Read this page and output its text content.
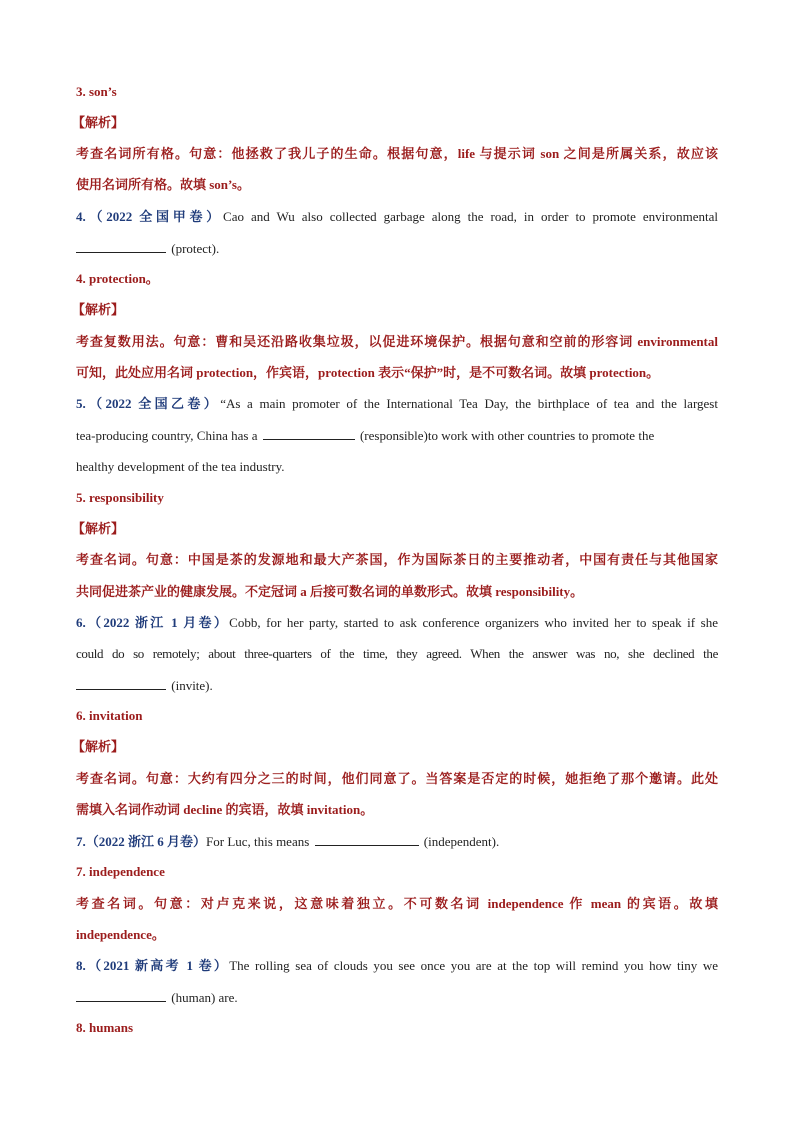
3. son’s
【解析】
考查名词所有格。句意：他拯救了我儿子的生命。根据句意，life 与提示词 son 之间是所属关系，故应该
使用名词所有格。故填 son’s。
4.（2022 全国甲卷）Cao and Wu also collected garbage along the road, in order to promote environmental
(protect).
4. protection。
【解析】
考查复数用法。句意：曹和吴还沿路收集垃圾，以促进环境保护。根据句意和空前的形容词 environmental
可知，此处应用名词 protection，作宾语，protection 表示“保护”时，是不可数名词。故填 protection。
5.（2022 全国乙卷）“As a main promoter of the International Tea Day, the birthplace of tea and the largest
tea-producing country, China has a	(responsible)to work with other countries to promote the
healthy development of the tea industry.
5. responsibility
【解析】
考查名词。句意：中国是茶的发源地和最大产茶国，作为国际茶日的主要推动者，中国有责任与其他国家
共同促进茶产业的健康发展。不定冠词 a 后接可数名词的单数形式。故填 responsibility。
6.（2022 浙江 1 月卷）Cobb, for her party, started to ask conference organizers who invited her to speak if she
could do so remotely; about three-quarters of the time, they agreed. When the answer was no, she declined the
(invite).
6. invitation
【解析】
考查名词。句意：大约有四分之三的时间，他们同意了。当答案是否定的时候，她拒绝了那个邀请。此处
需填入名词作动词 decline 的宾语，故填 invitation。
7.（2022 浙江 6 月卷）For Luc, this means	(independent).
7. independence
考查名词。句意：对卢克来说，这意味着独立。不可数名词 independence 作 mean 的宾语。故填
independence。
8.（2021 新高考 1 卷）The rolling sea of clouds you see once you are at the top will remind you how tiny we
(human) are.
8. humans
